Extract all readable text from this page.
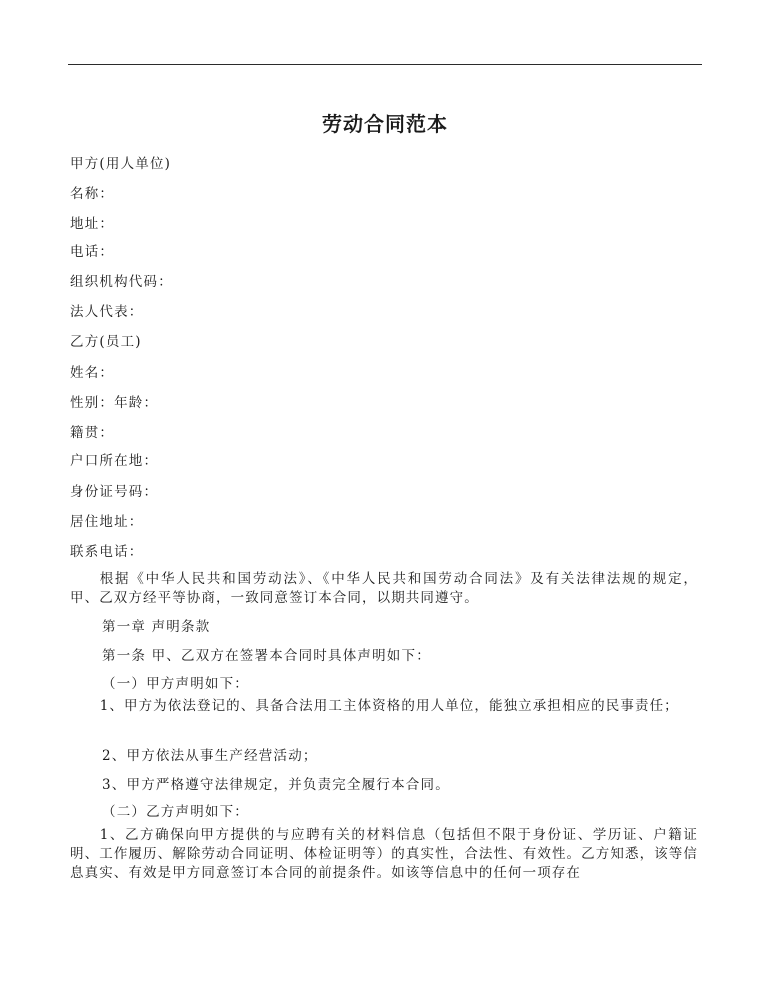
劳动合同范本
甲方(用人单位)
名称：
地址：
电话：
组织机构代码：
法人代表：
乙方(员工)
姓名：
性别：年龄：
籍贯：
户口所在地：
身份证号码：
居住地址：
联系电话：
根据《中华人民共和国劳动法》、《中华人民共和国劳动合同法》及有关法律法规的规定，甲、乙双方经平等协商，一致同意签订本合同，以期共同遵守。
第一章 声明条款
第一条 甲、乙双方在签署本合同时具体声明如下：
（一）甲方声明如下：
1、甲方为依法登记的、具备合法用工主体资格的用人单位，能独立承担相应的民事责任；
2、甲方依法从事生产经营活动；
3、甲方严格遵守法律规定，并负责完全履行本合同。
（二）乙方声明如下：
1、乙方确保向甲方提供的与应聘有关的材料信息（包括但不限于身份证、学历证、户籍证明、工作履历、解除劳动合同证明、体检证明等）的真实性，合法性、有效性。乙方知悉，该等信息真实、有效是甲方同意签订本合同的前提条件。如该等信息中的任何一项存在
